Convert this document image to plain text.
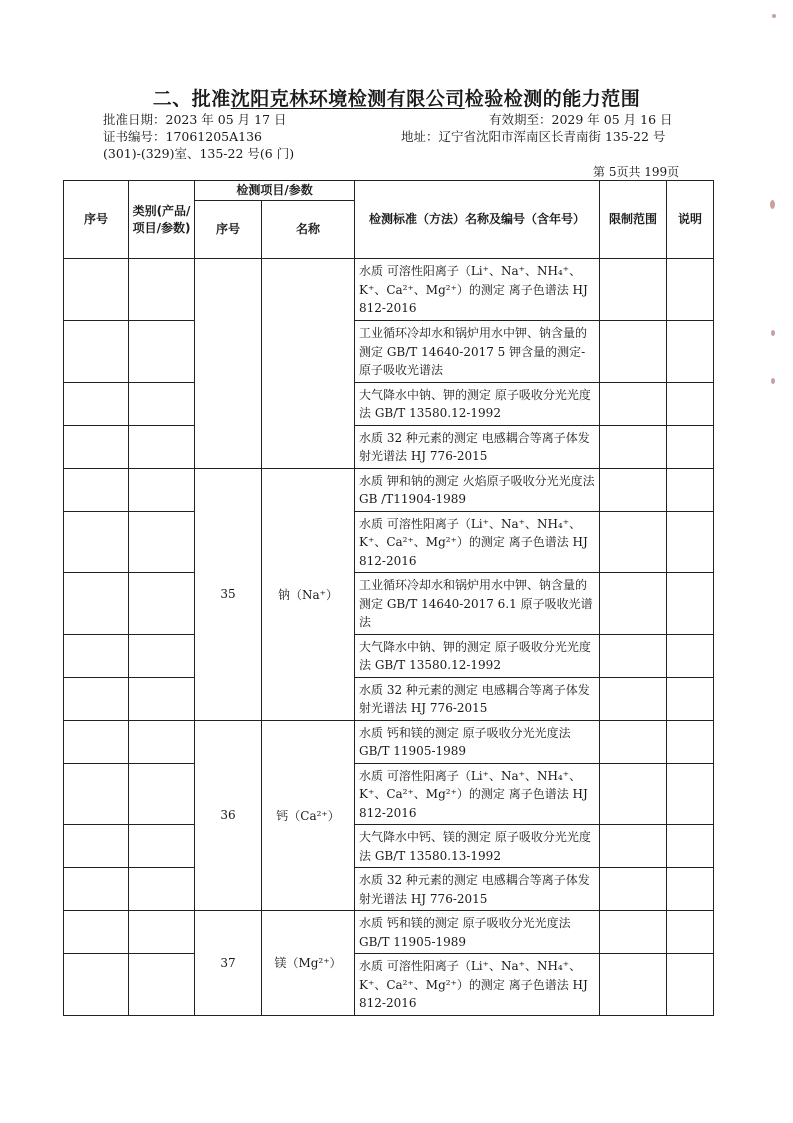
二、批准沈阳克林环境检测有限公司检验检测的能力范围
批准日期：2023 年 05 月 17 日	有效期至：2029 年 05 月 16 日
证书编号：17061205A136	地址：辽宁省沈阳市浑南区长青南街 135-22 号
(301)-(329)室、135-22 号(6 门)
第 5页共 199页
序号	类别(产品/项目/参数)	检测项目/参数		检测标准（方法）名称及编号（含年号）	限制范围	说明
		序号	名称			
				水质 可溶性阳离子（Li⁺、Na⁺、NH₄⁺、K⁺、Ca²⁺、Mg²⁺）的测定 离子色谱法 HJ 812-2016		
				工业循环冷却水和锅炉用水中钾、钠含量的测定 GB/T 14640-2017 5 钾含量的测定-原子吸收光谱法		
				大气降水中钠、钾的测定 原子吸收分光光度法 GB/T 13580.12-1992		
				水质 32 种元素的测定 电感耦合等离子体发射光谱法 HJ 776-2015		
		35	钠（Na⁺）	水质 钾和钠的测定 火焰原子吸收分光光度法 GB /T11904-1989		
				水质 可溶性阳离子（Li⁺、Na⁺、NH₄⁺、K⁺、Ca²⁺、Mg²⁺）的测定 离子色谱法 HJ 812-2016		
				工业循环冷却水和锅炉用水中钾、钠含量的测定 GB/T 14640-2017 6.1 原子吸收光谱法		
				大气降水中钠、钾的测定 原子吸收分光光度法 GB/T 13580.12-1992		
				水质 32 种元素的测定 电感耦合等离子体发射光谱法 HJ 776-2015		
		36	钙（Ca²⁺）	水质 钙和镁的测定 原子吸收分光光度法 GB/T 11905-1989		
				水质 可溶性阳离子（Li⁺、Na⁺、NH₄⁺、K⁺、Ca²⁺、Mg²⁺）的测定 离子色谱法 HJ 812-2016		
				大气降水中钙、镁的测定 原子吸收分光光度法 GB/T 13580.13-1992		
				水质 32 种元素的测定 电感耦合等离子体发射光谱法 HJ 776-2015		
		37	镁（Mg²⁺）	水质 钙和镁的测定 原子吸收分光光度法 GB/T 11905-1989		
				水质 可溶性阳离子（Li⁺、Na⁺、NH₄⁺、K⁺、Ca²⁺、Mg²⁺）的测定 离子色谱法 HJ 812-2016		
